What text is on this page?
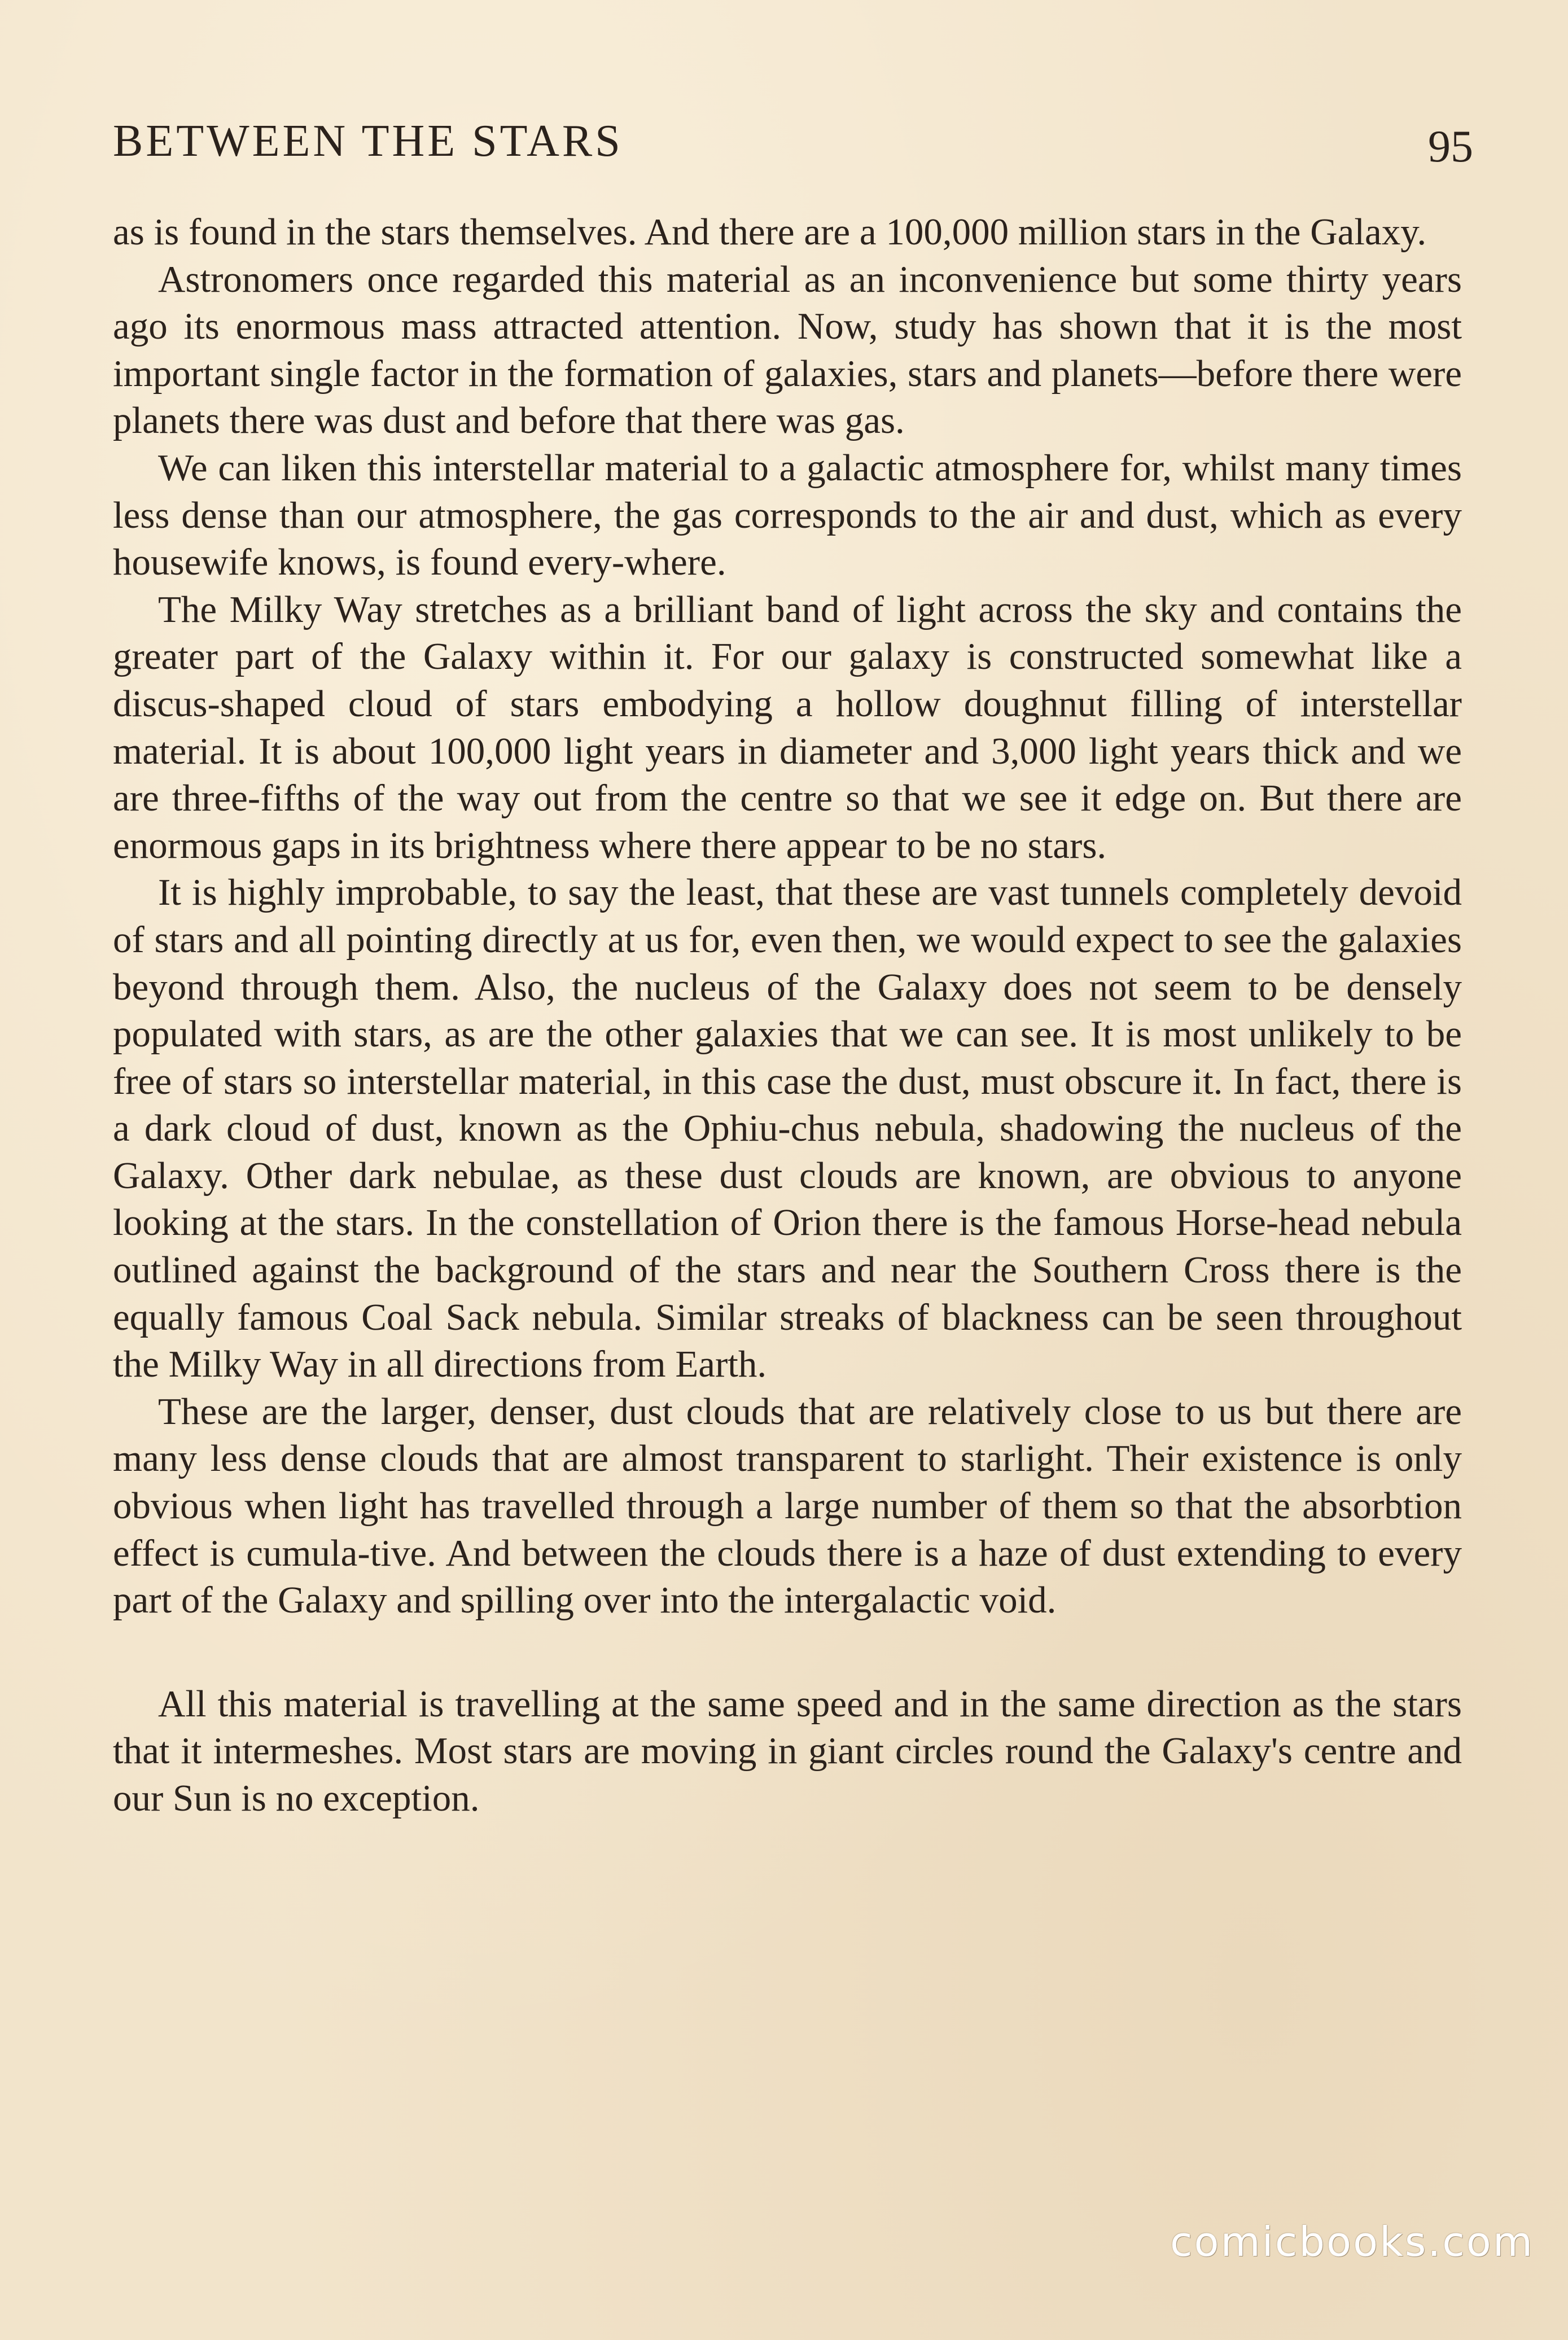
BETWEEN THE STARS	95

as is found in the stars themselves. And there are a 100,000 million stars in the Galaxy.

Astronomers once regarded this material as an inconvenience but some thirty years ago its enormous mass attracted attention. Now, study has shown that it is the most important single factor in the formation of galaxies, stars and planets—before there were planets there was dust and before that there was gas.

We can liken this interstellar material to a galactic atmosphere for, whilst many times less dense than our atmosphere, the gas corresponds to the air and dust, which as every housewife knows, is found every-where.

The Milky Way stretches as a brilliant band of light across the sky and contains the greater part of the Galaxy within it. For our galaxy is constructed somewhat like a discus-shaped cloud of stars embodying a hollow doughnut filling of interstellar material. It is about 100,000 light years in diameter and 3,000 light years thick and we are three-fifths of the way out from the centre so that we see it edge on. But there are enormous gaps in its brightness where there appear to be no stars.

It is highly improbable, to say the least, that these are vast tunnels completely devoid of stars and all pointing directly at us for, even then, we would expect to see the galaxies beyond through them. Also, the nucleus of the Galaxy does not seem to be densely populated with stars, as are the other galaxies that we can see. It is most unlikely to be free of stars so interstellar material, in this case the dust, must obscure it. In fact, there is a dark cloud of dust, known as the Ophiu-chus nebula, shadowing the nucleus of the Galaxy. Other dark nebulae, as these dust clouds are known, are obvious to anyone looking at the stars. In the constellation of Orion there is the famous Horse-head nebula outlined against the background of the stars and near the Southern Cross there is the equally famous Coal Sack nebula. Similar streaks of blackness can be seen throughout the Milky Way in all directions from Earth.

These are the larger, denser, dust clouds that are relatively close to us but there are many less dense clouds that are almost transparent to starlight. Their existence is only obvious when light has travelled through a large number of them so that the absorbtion effect is cumula-tive. And between the clouds there is a haze of dust extending to every part of the Galaxy and spilling over into the intergalactic void.

All this material is travelling at the same speed and in the same direction as the stars that it intermeshes. Most stars are moving in giant circles round the Galaxy's centre and our Sun is no exception.

comicbooks.com
